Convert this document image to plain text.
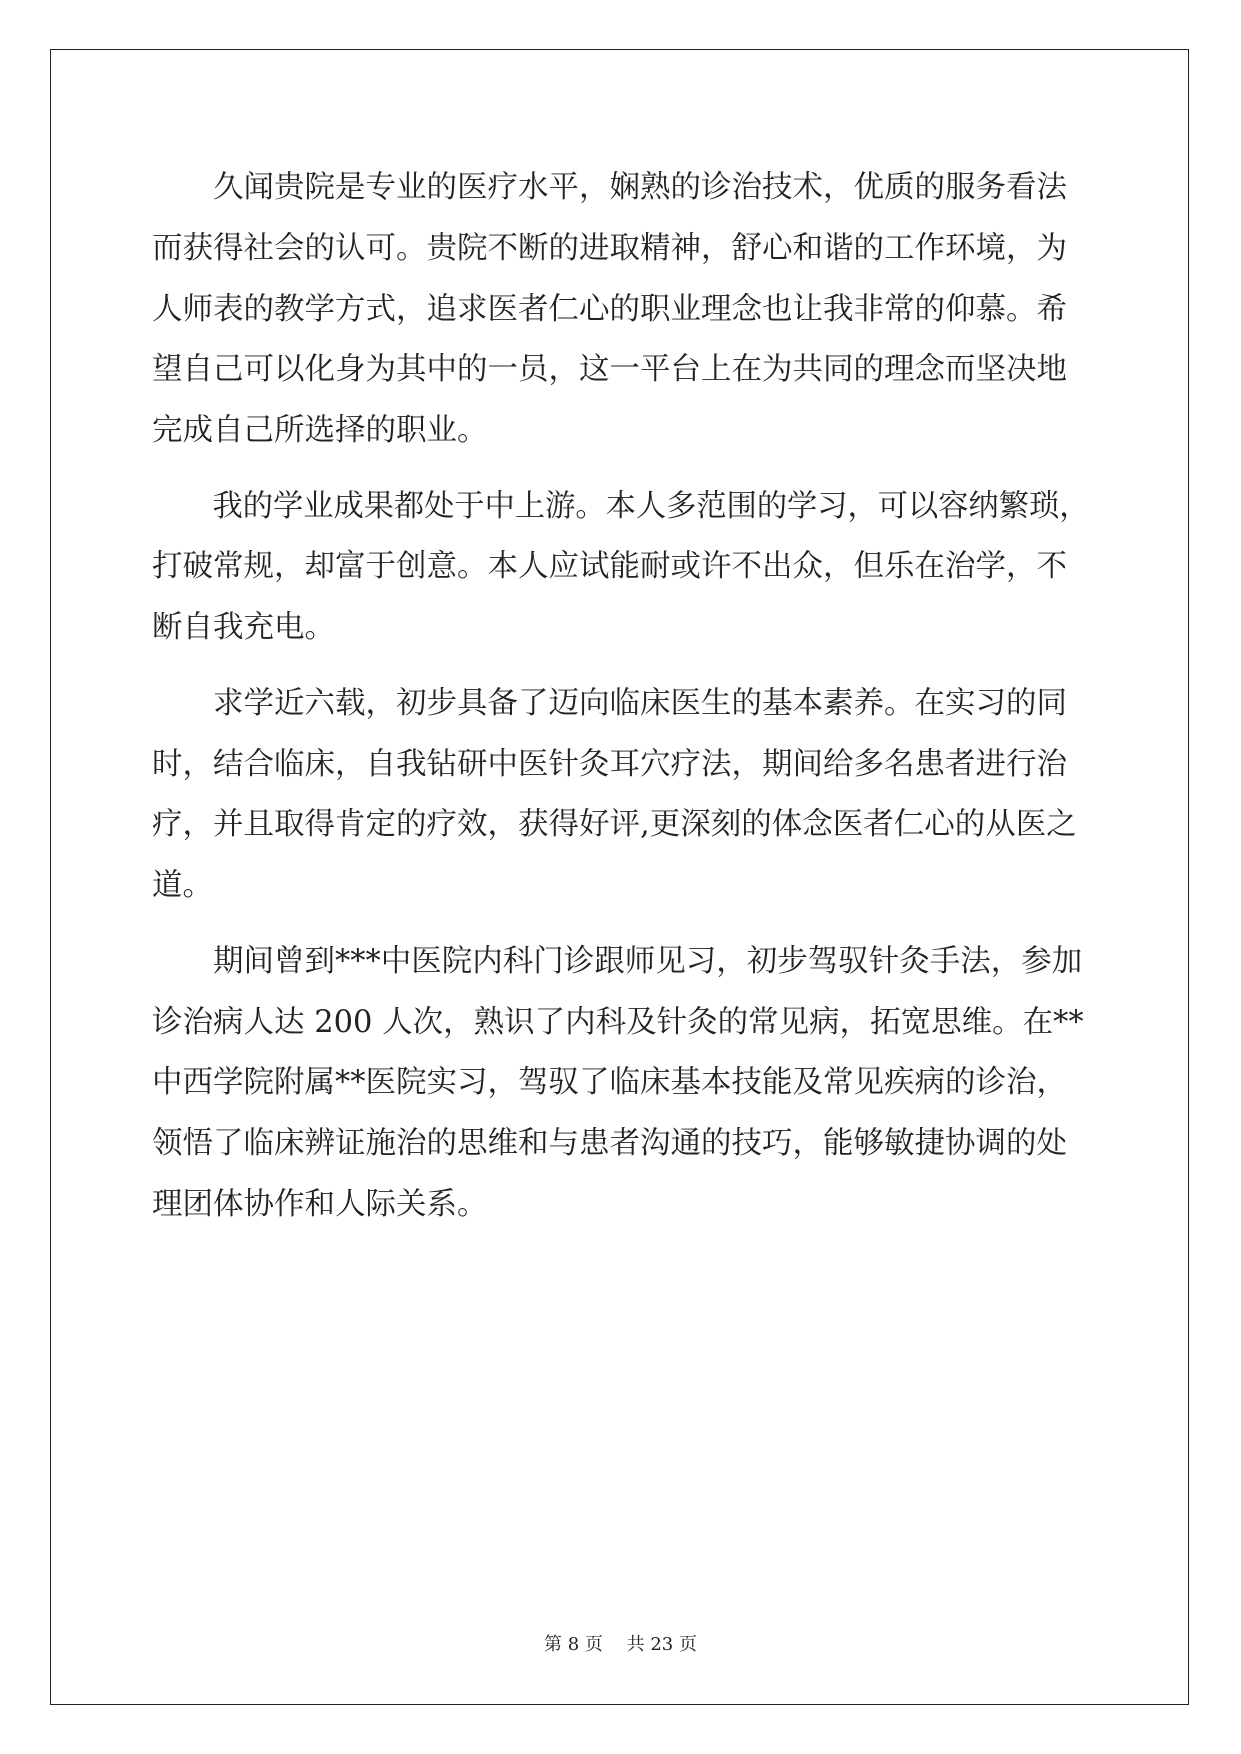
　　久闻贵院是专业的医疗水平，娴熟的诊治技术，优质的服务看法

而获得社会的认可。贵院不断的进取精神，舒心和谐的工作环境，为

人师表的教学方式，追求医者仁心的职业理念也让我非常的仰慕。希

望自己可以化身为其中的一员，这一平台上在为共同的理念而坚决地

完成自己所选择的职业。

　　我的学业成果都处于中上游。本人多范围的学习，可以容纳繁琐，

打破常规，却富于创意。本人应试能耐或许不出众，但乐在治学，不

断自我充电。

　　求学近六载，初步具备了迈向临床医生的基本素养。在实习的同

时，结合临床，自我钻研中医针灸耳穴疗法，期间给多名患者进行治

疗，并且取得肯定的疗效，获得好评,更深刻的体念医者仁心的从医之

道。

　　期间曾到***中医院内科门诊跟师见习，初步驾驭针灸手法，参加

诊治病人达 200 人次，熟识了内科及针灸的常见病，拓宽思维。在**

中西学院附属**医院实习，驾驭了临床基本技能及常见疾病的诊治，

领悟了临床辨证施治的思维和与患者沟通的技巧，能够敏捷协调的处

理团体协作和人际关系。

第 8 页　 共 23 页
